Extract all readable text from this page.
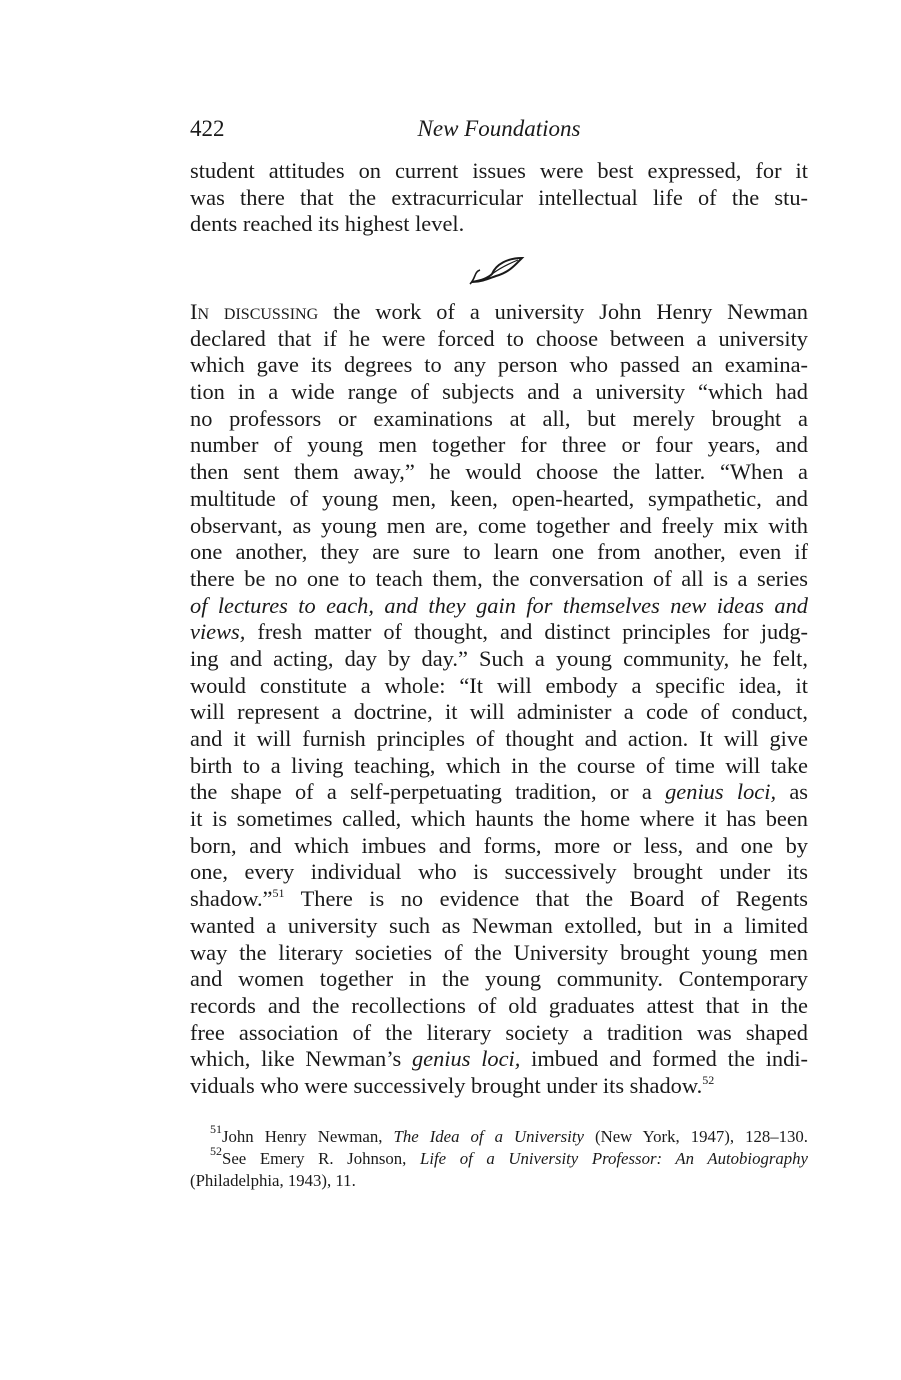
422	New Foundations
student attitudes on current issues were best expressed, for it
was there that the extracurricular intellectual life of the stu-
dents reached its highest level.
In discussing the work of a university John Henry Newman
declared that if he were forced to choose between a university
which gave its degrees to any person who passed an examina-
tion in a wide range of subjects and a university “which had
no professors or examinations at all, but merely brought a
number of young men together for three or four years, and
then sent them away,” he would choose the latter. “When a
multitude of young men, keen, open-hearted, sympathetic, and
observant, as young men are, come together and freely mix with
one another, they are sure to learn one from another, even if
there be no one to teach them, the conversation of all is a series
of lectures to each, and they gain for themselves new ideas and
views, fresh matter of thought, and distinct principles for judg-
ing and acting, day by day.” Such a young community, he felt,
would constitute a whole: “It will embody a specific idea, it
will represent a doctrine, it will administer a code of conduct,
and it will furnish principles of thought and action. It will give
birth to a living teaching, which in the course of time will take
the shape of a self-perpetuating tradition, or a genius loci, as
it is sometimes called, which haunts the home where it has been
born, and which imbues and forms, more or less, and one by
one, every individual who is successively brought under its
shadow.”$^{51}$ There is no evidence that the Board of Regents
wanted a university such as Newman extolled, but in a limited
way the literary societies of the University brought young men
and women together in the young community. Contemporary
records and the recollections of old graduates attest that in the
free association of the literary society a tradition was shaped
which, like Newman’s genius loci, imbued and formed the indi-
viduals who were successively brought under its shadow.$^{52}$
$^{51}$John Henry Newman, The Idea of a University (New York, 1947), 128–130.
$^{52}$See Emery R. Johnson, Life of a University Professor: An Autobiography
(Philadelphia, 1943), 11.
